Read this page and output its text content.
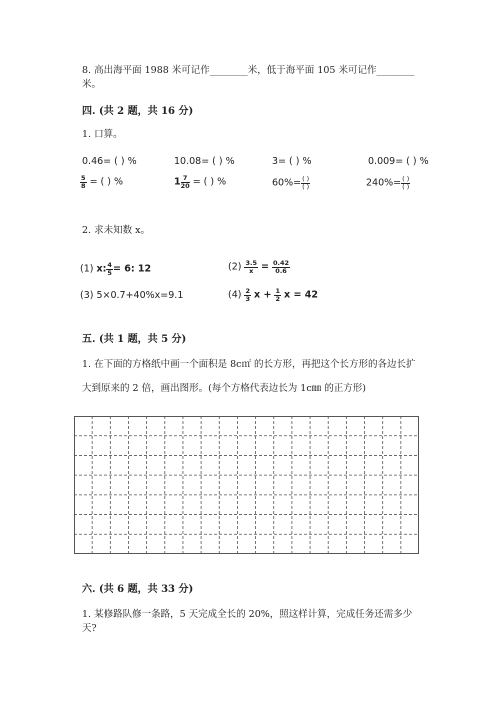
8. 高出海平面 1988 米可记作________米，低于海平面 105 米可记作________
米。
四. (共 2 题，共 16 分)
1. 口算。
0.46= ( ) %	10.08= ( ) %	3= ( ) %	0.009= ( ) %
$\frac{5}{8}$ = ( ) %	$1 \frac{7}{20}$ = ( ) %	$60\%= \frac{( )}{( )}$	$240\%= \frac{( )}{( )}$
2. 求未知数 x。
(1) x: $\frac{4}{5} = 6$: 12	$(2) \frac{3.5}{x} = \frac{0.42}{0.6}$
(3) 5×0.7+40%x=9.1	$(4) \frac{2}{3}$ $x + \frac{1}{2}$ x = 42
五. (共 1 题，共 5 分)
1. 在下面的方格纸中画一个面积是 8c㎡ 的长方形，再把这个长方形的各边长扩
大到原来的 2 倍，画出图形。(每个方格代表边长为 1c㎜ 的正方形)
六. (共 6 题，共 33 分)
1. 某修路队修一条路，5 天完成全长的 20%，照这样计算，完成任务还需多少
天?
